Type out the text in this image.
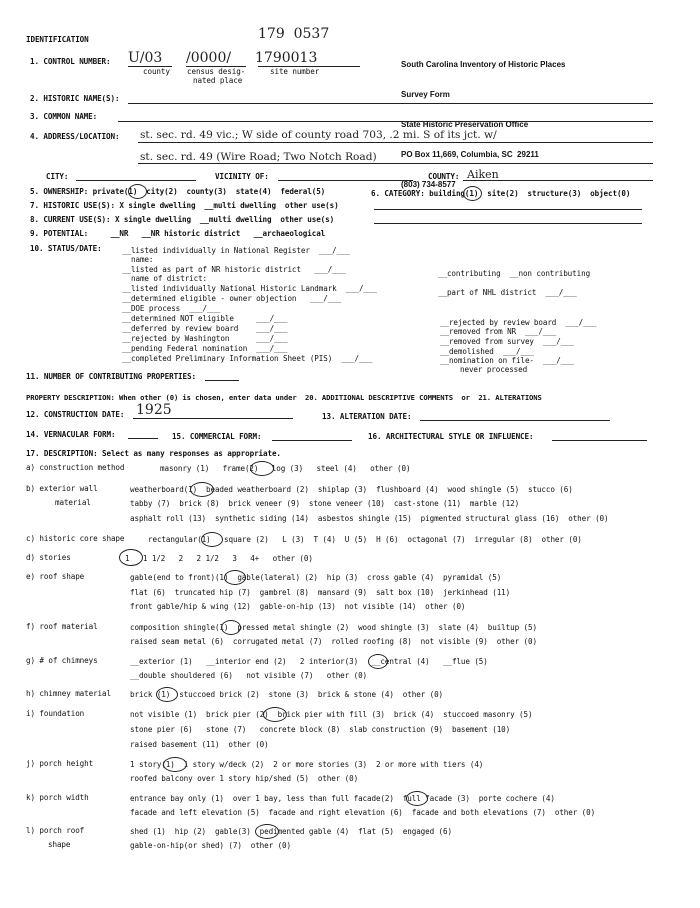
179  0537
IDENTIFICATION

South Carolina Inventory of Historic Places

Survey Form

State Historic Preservation Office

PO Box 11,669, Columbia, SC  29211

(803) 734-8577

1. CONTROL NUMBER: U/03 /0000/ 1790013
county census desig-
nated place
site number
2. HISTORIC NAME(S):
3. COMMON NAME:
4. ADDRESS/LOCATION: st. sec. rd. 49 vic.; W side of county road 703, .2 mi. S of its jct. w/
st. sec. rd. 49 (Wire Road; Two Notch Road)
CITY:	VICINITY OF:	COUNTY: Aiken
5. OWNERSHIP: private(1)  city(2)  county(3)  state(4)  federal(5)	6. CATEGORY: building(1)  site(2)  structure(3)  object(0)
7. HISTORIC USE(S): X single dwelling  __multi dwelling  other use(s)
8. CURRENT USE(S): X single dwelling  __multi dwelling  other use(s)
9. POTENTIAL:     __NR   __NR historic district   __archaeological
10. STATUS/DATE:	__listed individually in National Register  ___/___
name:
__listed as part of NR historic district   ___/___
name of district:
__listed individually National Historic Landmark  ___/___
__determined eligible - owner objection   ___/___
__DOE process  ___/___
__determined NOT eligible     ___/___
__deferred by review board    ___/___
__rejected by Washington      ___/___
__pending Federal nomination  ___/___
__completed Preliminary Information Sheet (PIS)  ___/___
__contributing  __non contributing
__part of NHL district  ___/___
__rejected by review board  ___/___
__removed from NR  ___/___
__removed from survey  ___/___
__demolished  ___/___
__nomination on file-  ___/___
never processed
11. NUMBER OF CONTRIBUTING PROPERTIES:
PROPERTY DESCRIPTION: When other (0) is chosen, enter data under  20. ADDITIONAL DESCRIPTIVE COMMENTS  or  21. ALTERATIONS
12. CONSTRUCTION DATE: 1925	13. ALTERATION DATE:
14. VERNACULAR FORM:	15. COMMERCIAL FORM:	16. ARCHITECTURAL STYLE OR INFLUENCE:
17. DESCRIPTION: Select as many responses as appropriate.
a) construction method	masonry (1)   frame(2)   log (3)   steel (4)   other (0)
b) exterior wall
material
weatherboard(1)  beaded weatherboard (2)  shiplap (3)  flushboard (4)  wood shingle (5)  stucco (6)
tabby (7)  brick (8)  brick veneer (9)  stone veneer (10)  cast-stone (11)  marble (12)
asphalt roll (13)  synthetic siding (14)  asbestos shingle (15)  pigmented structural glass (16)  other (0)
c) historic core shape	rectangular(1)   square (2)   L (3)  T (4)  U (5)  H (6)  octagonal (7)  irregular (8)  other (0)
d) stories	1   1 1/2   2   2 1/2   3   4+   other (0)
e) roof shape	gable(end to front)(1)  gable(lateral) (2)  hip (3)  cross gable (4)  pyramidal (5)
flat (6)  truncated hip (7)  gambrel (8)  mansard (9)  salt box (10)  jerkinhead (11)
front gable/hip & wing (12)  gable-on-hip (13)  not visible (14)  other (0)
f) roof material	composition shingle(1)  pressed metal shingle (2)  wood shingle (3)  slate (4)  builtup (5)
raised seam metal (6)  corrugated metal (7)  rolled roofing (8)  not visible (9)  other (0)
g) # of chimneys	__exterior (1)   __interior end (2)   2 interior(3)   __central (4)   __flue (5)
__double shouldered (6)   not visible (7)   other (0)
h) chimney material	brick (1)  stuccoed brick (2)  stone (3)  brick & stone (4)  other (0)
i) foundation	not visible (1)  brick pier (2)  brick pier with fill (3)  brick (4)  stuccoed masonry (5)
stone pier (6)   stone (7)   concrete block (8)  slab construction (9)  basement (10)
raised basement (11)  other (0)
j) porch height	1 story(1)  1 story w/deck (2)  2 or more stories (3)  2 or more with tiers (4)
roofed balcony over 1 story hip/shed (5)  other (0)
k) porch width	entrance bay only (1)  over 1 bay, less than full facade(2)  full facade (3)  porte cochere (4)
facade and left elevation (5)  facade and right elevation (6)  facade and both elevations (7)  other (0)
l) porch roof
shape
shed (1)  hip (2)  gable(3)  pedimented gable (4)  flat (5)  engaged (6)
gable-on-hip(or shed) (7)  other (0)
